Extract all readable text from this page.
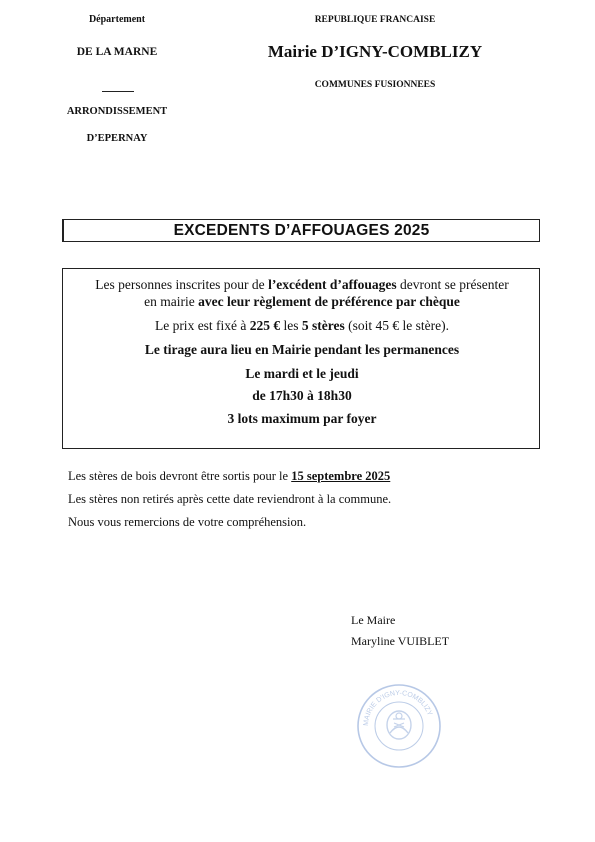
Département
DE LA MARNE
ARRONDISSEMENT
D’EPERNAY
REPUBLIQUE FRANCAISE
Mairie D’IGNY-COMBLIZY
COMMUNES FUSIONNEES
EXCEDENTS D’AFFOUAGES 2025
Les personnes inscrites pour de l’excédent d’affouages devront se présenter
en mairie avec leur règlement de préférence par chèque
Le prix est fixé à 225 € les 5 stères (soit 45 € le stère).
Le tirage aura lieu en Mairie pendant les permanences
Le mardi et le jeudi
de 17h30 à 18h30
3 lots maximum par foyer
Les stères de bois devront être sortis pour le 15 septembre 2025
Les stères non retirés après cette date reviendront à la commune.
Nous vous remercions de votre compréhension.
Le Maire
Maryline VUIBLET
MAIRIE D'IGNY-COMBLIZY
